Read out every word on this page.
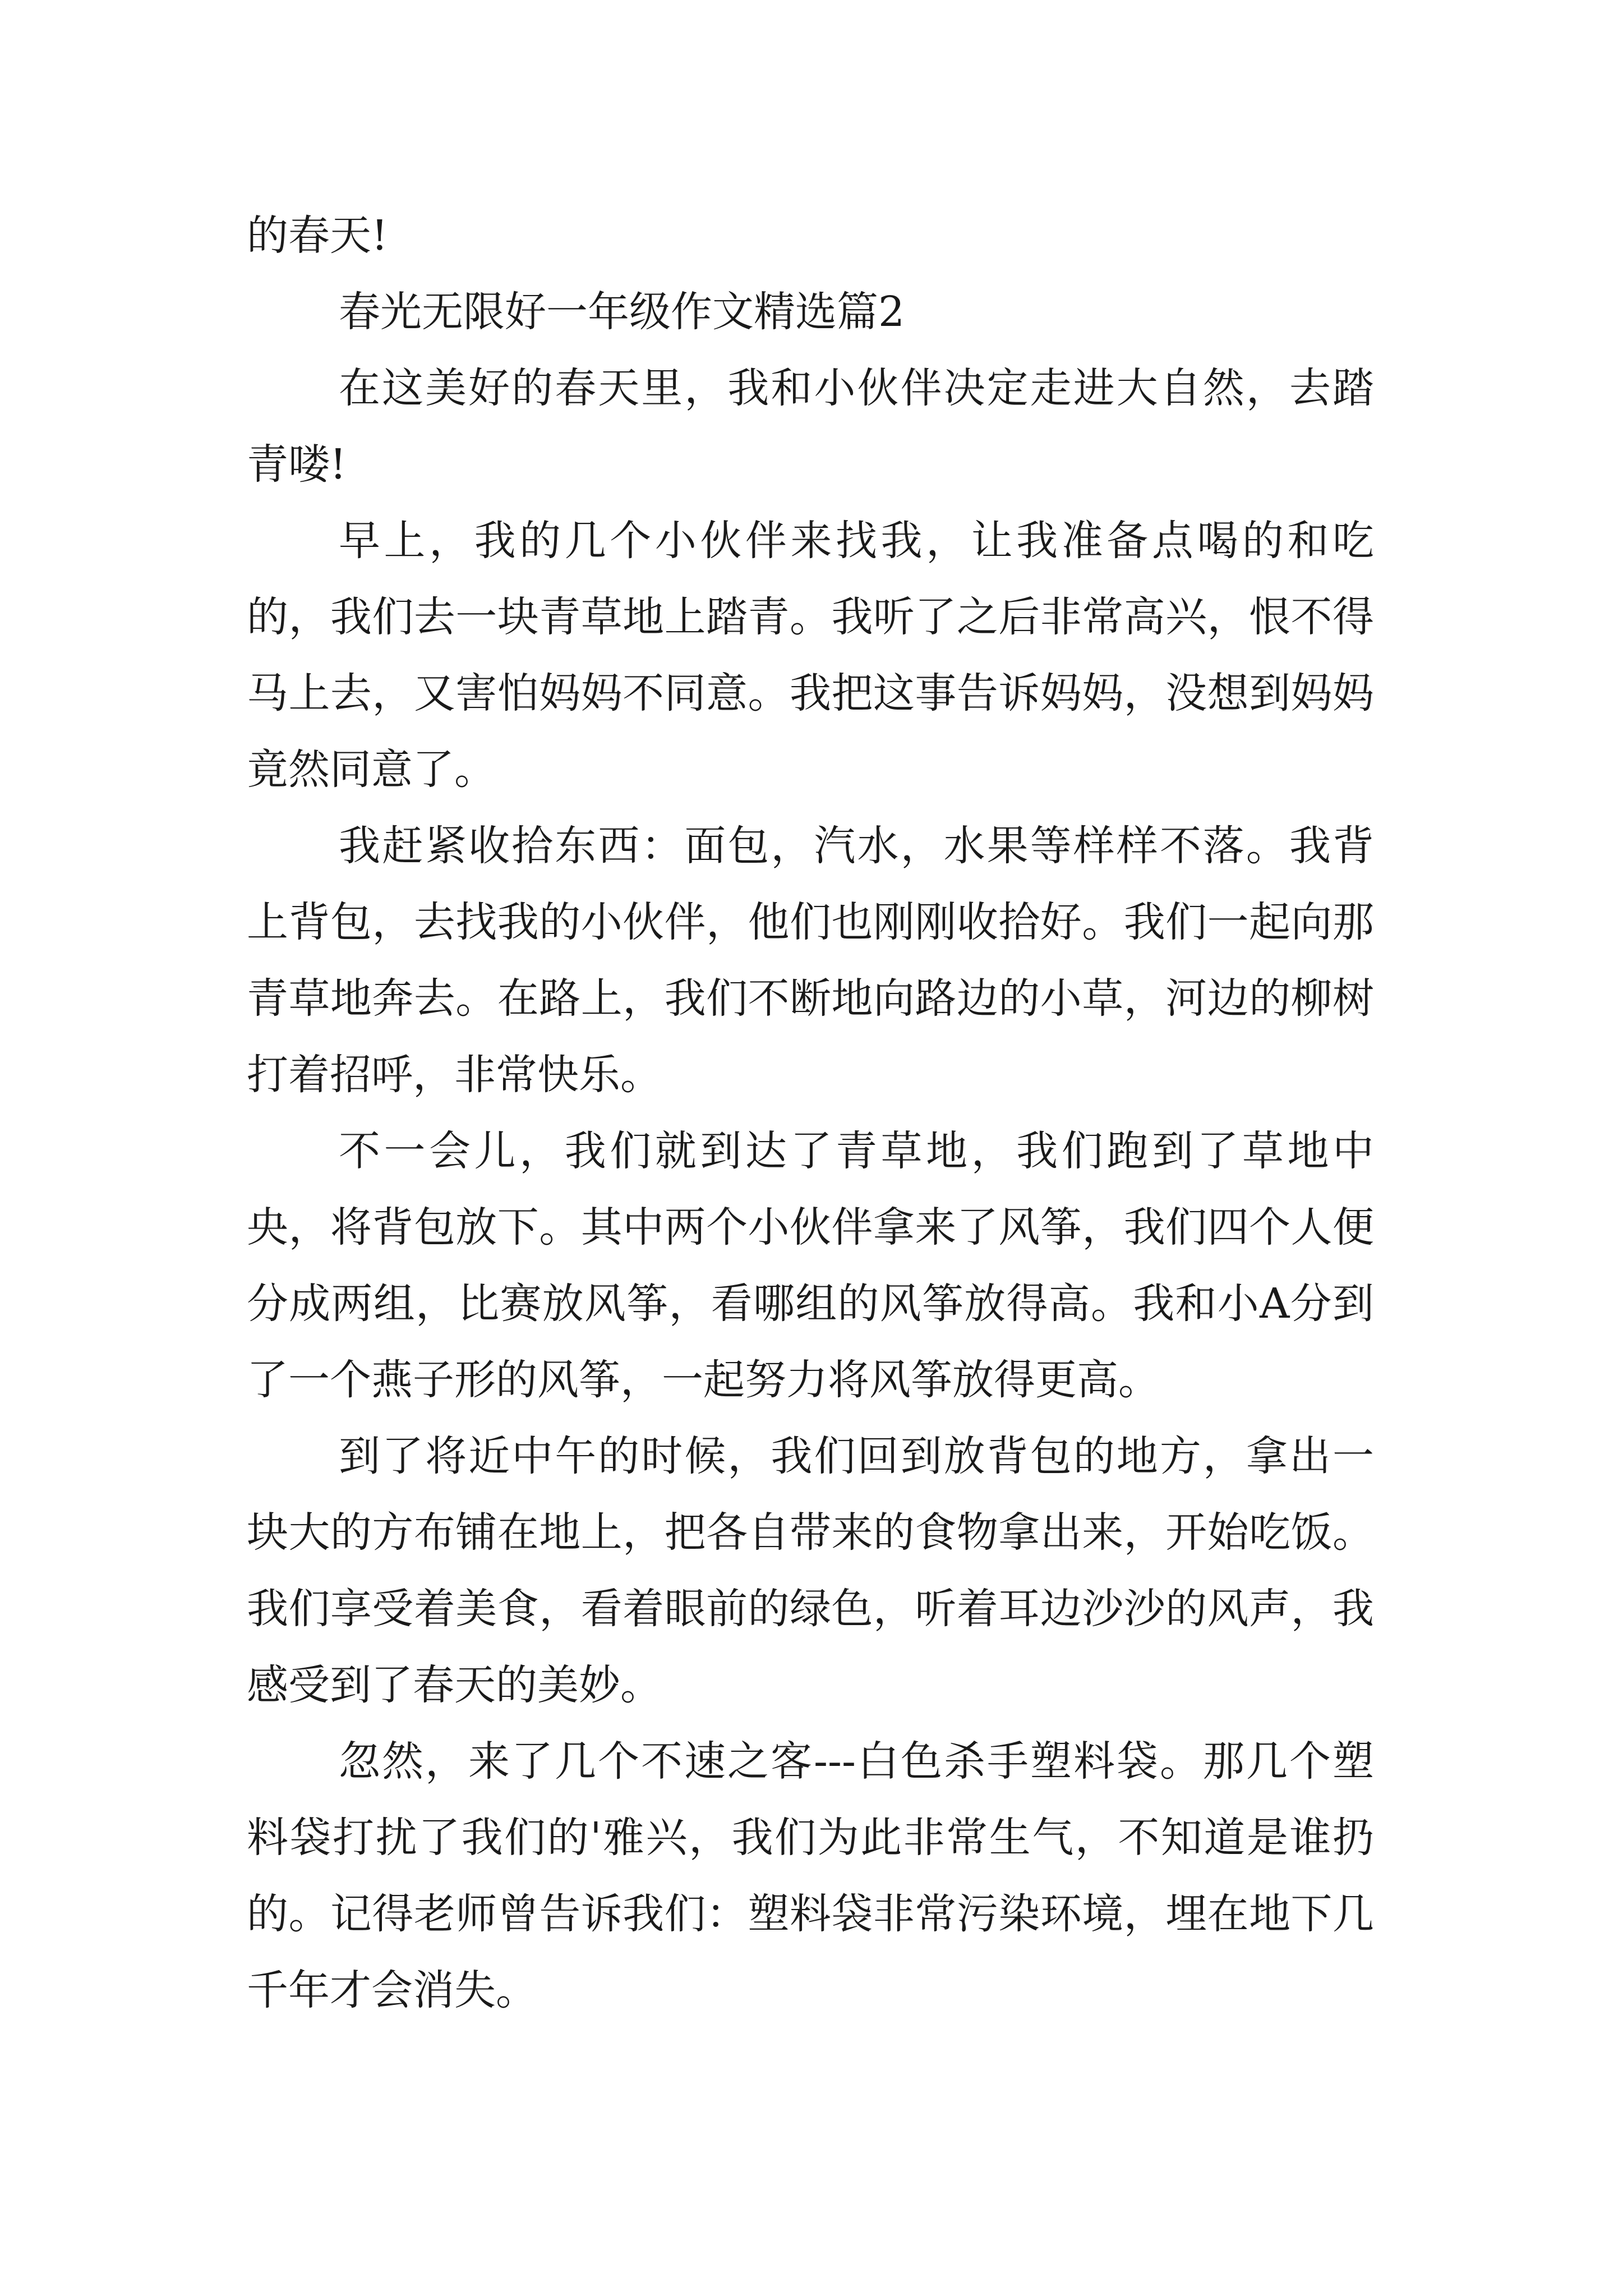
的春天!

春光无限好一年级作文精选篇2

在这美好的春天里，我和小伙伴决定走进大自然，去踏青喽!

早上，我的几个小伙伴来找我，让我准备点喝的和吃的，我们去一块青草地上踏青。我听了之后非常高兴，恨不得马上去，又害怕妈妈不同意。我把这事告诉妈妈，没想到妈妈竟然同意了。

我赶紧收拾东西：面包，汽水，水果等样样不落。我背上背包，去找我的小伙伴，他们也刚刚收拾好。我们一起向那青草地奔去。在路上，我们不断地向路边的小草，河边的柳树打着招呼，非常快乐。

不一会儿，我们就到达了青草地，我们跑到了草地中央，将背包放下。其中两个小伙伴拿来了风筝，我们四个人便分成两组，比赛放风筝，看哪组的风筝放得高。我和小A分到了一个燕子形的风筝，一起努力将风筝放得更高。

到了将近中午的时候，我们回到放背包的地方，拿出一块大的方布铺在地上，把各自带来的食物拿出来，开始吃饭。我们享受着美食，看着眼前的绿色，听着耳边沙沙的风声，我感受到了春天的美妙。

忽然，来了几个不速之客---白色杀手塑料袋。那几个塑料袋打扰了我们的'雅兴，我们为此非常生气，不知道是谁扔的。记得老师曾告诉我们：塑料袋非常污染环境，埋在地下几千年才会消失。
